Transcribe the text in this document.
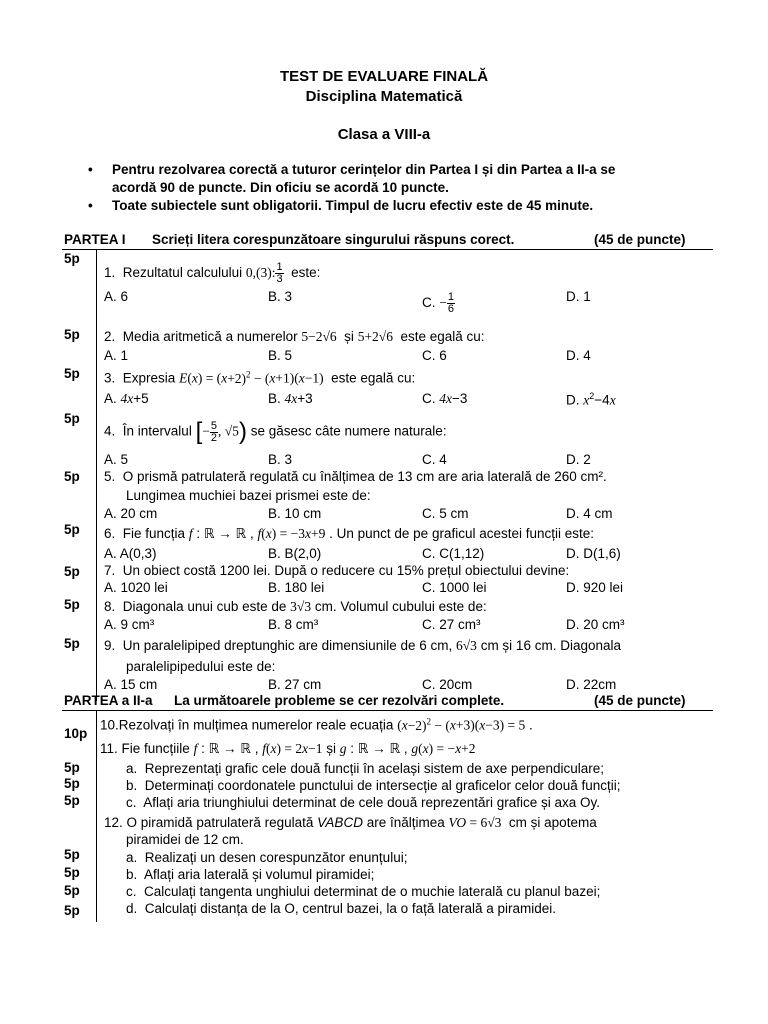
TEST DE EVALUARE FINALĂ
Disciplina Matematică
Clasa a VIII-a
• Pentru rezolvarea corectă a tuturor cerințelor din Partea I și din Partea a II-a se
acordă 90 de puncte. Din oficiu se acordă 10 puncte.
• Toate subiectele sunt obligatorii. Timpul de lucru efectiv este de 45 minute.
PARTEA I Scrieți litera corespunzătoare singurului răspuns corect.	(45 de puncte)
5p
1. Rezultatul calculului 0,(3): $\frac{1}{3}$ este:
A. 6	B. 3	C. − $\frac{1}{6}$	D. 1
5p 2. Media aritmetică a numerelor 5−2√6 și 5+2√6 este egală cu:
A. 1	B. 5	C. 6	D. 4
5p 3. Expresia $E(x) = (x+2)^2 - (x+1)(x-1)$ este egală cu:
A. 4x+5	B. 4x+3	C. 4x−3	D. $x^2-4x$
5p
4. În intervalul [− $\frac{5}{2}$ , √5) se găsesc câte numere naturale:
A. 5	B. 3	C. 4	D. 2
5p 5. O prismă patrulateră regulată cu înălțimea de 13 cm are aria laterală de 260 cm².
Lungimea muchiei bazei prismei este de:
A. 20 cm	B. 10 cm	C. 5 cm	D. 4 cm
5p 6. Fie funcția f : ℝ → ℝ , f(x) = −3x+9 . Un punct de pe graficul acestei funcții este:
A. A(0,3)	B. B(2,0)	C. C(1,12)	D. D(1,6)
5p 7. Un obiect costă 1200 lei. După o reducere cu 15% prețul obiectului devine:
A. 1020 lei	B. 180 lei	C. 1000 lei	D. 920 lei
5p 8. Diagonala unui cub este de 3√3 cm. Volumul cubului este de:
A. 9 cm³	B. 8 cm³	C. 27 cm³	D. 20 cm³
5p 9. Un paralelipiped dreptunghic are dimensiunile de 6 cm, 6√3 cm și 16 cm. Diagonala
paralelipipedului este de:
A. 15 cm	B. 27 cm	C. 20cm	D. 22cm
PARTEA a II-a La următoarele probleme se cer rezolvări complete.	(45 de puncte)
10p
10.Rezolvați în mulțimea numerelor reale ecuația $(x-2)^2 - (x+3)(x-3) = 5$ .
11. Fie funcțiile f : ℝ → ℝ , f(x) = 2x−1 și g : ℝ → ℝ , g(x) = −x+2
5p	a. Reprezentați grafic cele două funcții în același sistem de axe perpendiculare;
5p	b. Determinați coordonatele punctului de intersecție al graficelor celor două funcții;
5p	c. Aflați aria triunghiului determinat de cele două reprezentări grafice și axa Oy.
12. O piramidă patrulateră regulată VABCD are înălțimea VO = 6√3 cm și apotema
piramidei de 12 cm.
5p	a. Realizați un desen corespunzător enunțului;
5p	b. Aflați aria laterală și volumul piramidei;
5p	c. Calculați tangenta unghiului determinat de o muchie laterală cu planul bazei;
5p	d. Calculați distanța de la O, centrul bazei, la o față laterală a piramidei.
